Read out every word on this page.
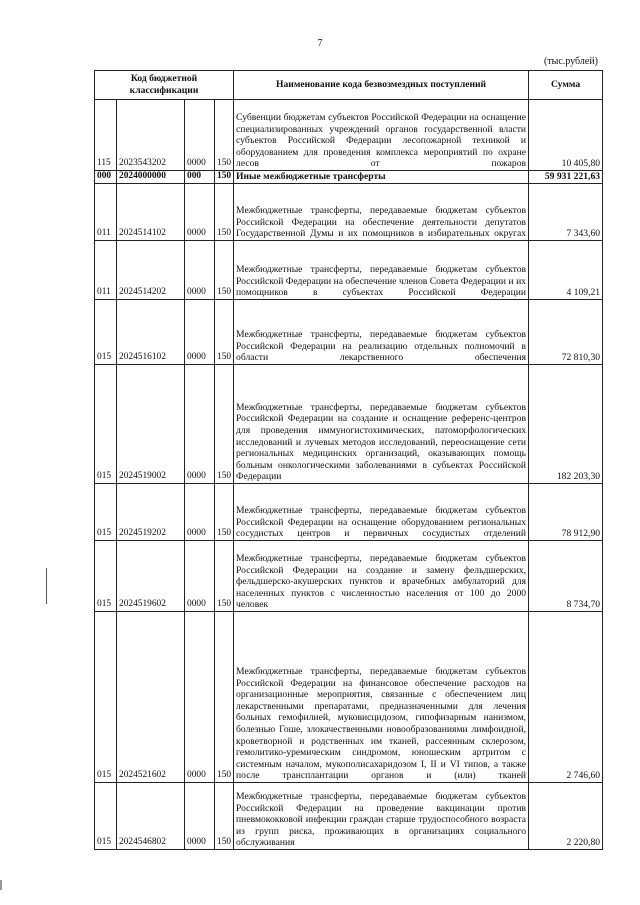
7
(тыс.рублей)
Код бюджетной классификации				Наименование кода безвозмездных поступлений	Сумма
115	2023543202	0000	150	Субвенции бюджетам субъектов Российской Федерации на оснащение специализированных учреждений органов государственной власти субъектов Российской Федерации лесопожарной техникой и оборудованием для проведения комплекса мероприятий по охране лесов от пожаров	10 405,80
000	2024000000	000	150	Иные межбюджетные трансферты	59 931 221,63
011	2024514102	0000	150	Межбюджетные трансферты, передаваемые бюджетам субъектов Российской Федерации на обеспечение деятельности депутатов Государственной Думы и их помощников в избирательных округах	7 343,60
011	2024514202	0000	150	Межбюджетные трансферты, передаваемые бюджетам субъектов Российской Федерации на обеспечение членов Совета Федерации и их помощников в субъектах Российской Федерации	4 109,21
015	2024516102	0000	150	Межбюджетные трансферты, передаваемые бюджетам субъектов Российской Федерации на реализацию отдельных полномочий в области лекарственного обеспечения	72 810,30
015	2024519002	0000	150	Межбюджетные трансферты, передаваемые бюджетам субъектов Российской Федерации на создание и оснащение референс-центров для проведения иммуногистохимических, патоморфологических исследований и лучевых методов исследований, переоснащение сети региональных медицинских организаций, оказывающих помощь больным онкологическими заболеваниями в субъектах Российской Федерации	182 203,30
015	2024519202	0000	150	Межбюджетные трансферты, передаваемые бюджетам субъектов Российской Федерации на оснащение оборудованием региональных сосудистых центров и первичных сосудистых отделений	78 912,90
015	2024519602	0000	150	Межбюджетные трансферты, передаваемые бюджетам субъектов Российской Федерации на создание и замену фельдшерских, фельдшерско-акушерских пунктов и врачебных амбулаторий для населенных пунктов с численностью населения от 100 до 2000 человек	8 734,70
015	2024521602	0000	150	Межбюджетные трансферты, передаваемые бюджетам субъектов Российской Федерации на финансовое обеспечение расходов на организационные мероприятия, связанные с обеспечением лиц лекарственными препаратами, предназначенными для лечения больных гемофилией, муковисцидозом, гипофизарным нанизмом, болезнью Гоше, злокачественными новообразованиями лимфоидной, кроветворной и родственных им тканей, рассеянным склерозом, гемолитико-уремическим синдромом, юношеским артритом с системным началом, мукополисахаридозом I, II и VI типов, а также после трансплантации органов и (или) тканей	2 746,60
015	2024546802	0000	150	Межбюджетные трансферты, передаваемые бюджетам субъектов Российской Федерации на проведение вакцинации против пневмококковой инфекции граждан старше трудоспособного возраста из групп риска, проживающих в организациях социального обслуживания	2 220,80
